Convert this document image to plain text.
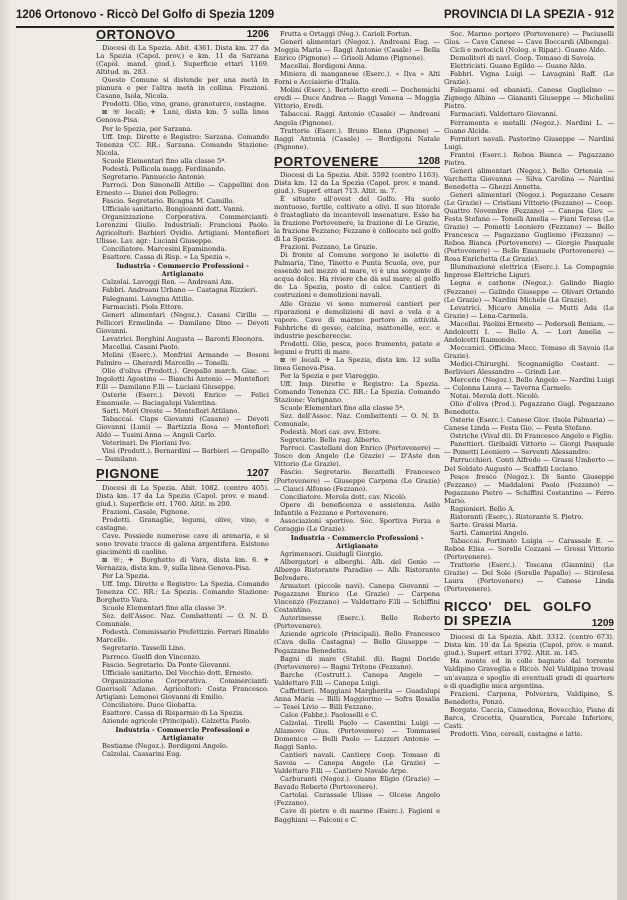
1206 Ortonovo - Riccò Del Golfo di Spezia 1209	PROVINCIA DI LA SPEZIA - 912
ORTONOVO	1206

Diocesi di La Spezia. Abit. 4361. Dista km. 27 da La Spezia (Capol. prov.) e km. 11 da Sarzana (Capol. mand. giud.). Superficie ettari 1169. Altitud. m. 283.

Questo Comune si distende per una metà in pianura e per l'altra metà in collina. Frazioni. Casano, Isola, Nicola.

Prodotti. Olio, vino, grano, granoturco, castagne.

⊠ ☏ locali; ✈ Luni, dista km. 5 sulla linea Genova-Pisa.

Per le Spezia, per Sarzana.

Uff. Imp. Dirette e Registro: Sarzana. Comando Tenenza CC. RR.: Sarzana. Comando Stazione: Nicola.

Scuole Elementari fino alla classe 5ª.

Podestà. Pellicola magg. Ferdinando.

Segretario. Pannuccio Antonio.

Parroci. Don Simonelli Attilio — Cappellini don Ernesto — Danei don Pellegro.

Fascio. Segretario. Bicagna M. Camillo.

Ufficiale sanitario. Bongioanni dott. Vanni.

Organizzazione Corporativa. Commercianti: Lorenzini Giulio. Industriali: Francioni Paolo. Agricoltori: Barbieri Ovidio. Artigiani: Montefiori Ulisse. Lav. agr.: Luciani Giuseppe.

Conciliatore. Marcesini Epaminonda.

Esattore. Cassa di Risp. « La Spezia ».

Industria - Commercio Professioni - Artigianato

Calzolai. Lavoggi Ren. — Andreani Am.

Fabbri. Andreani Urbano — Castagna Rizzieri.

Falegnami. Lavagna Attilio.

Farmacisti. Piola Ettore.

Generi alimentari (Negoz.). Casani Cirillo — Pellicori Ermelinda — Damilano Dino — Devoti Giovanni.

Levatrici. Borghini Augusta — Baronti Eleonora.

Macellai. Casani Paolo.

Molini (Eserc.). Monfrini Armando — Bosoni Palmiro — Gherardi Marcello — Tonelli.

Olio d'oliva (Prodott.). Gropallo march. Giac. — Ingolotti Agostino — Bianchi Antonio — Montefiori F.lli — Damilano F.lli — Luciani Giuseppe.

Osterie (Eserc.). Devoti Enrico — Felici Emanuele. — Baciagalupi Valentina.

Sarti. Mori Oreste — Montefiori Attilano.

Tabaccai. Claps Giovanni (Casano) — Devoti Giovanni (Luni) — Bartizzia Rosa — Montefiori Aldo — Tusini Anna — Angeli Carlo.

Veterinari. De Floriani Ivo.

Vini (Produtt.). Bernardini — Barbieri — Gropallo — Damilano.

PIGNONE	1207

Diocesi di La Spezia. Abit. 1082. (centro 405). Dista km. 17 da La Spezia (Capol. prov. e mand. giud.). Superficie ett. 1760. Altit. m 200.

Frazioni. Casale, Pignone.

Prodotti. Granaglie, legumi, olive, vino, e castagne.

Cave. Possiede numerose cave di arenaria, e si sono trovate tracce di galena argentifera. Esistono giacimenti di caolino.

⊠ ☏; ✈ Borghetto di Vara, dista km. 6. ✈ Vernazza, dista km. 9, sulla linea Genova-Pisa.

Per La Spezia.

Uff. Imp. Dirette e Registro: La Spezia. Comando Tenenza CC. RR.: La Spezia. Comando Stazione: Borghetto Vara.

Scuole Elementari fino alla classe 3ª.

Sez. dell'Assoc. Naz. Combattenti — O. N. D. Comunale.

Podestà. Commissario Prefettizio. Ferrari Rinaldo Marcello.

Segretario. Tasselli Lino.

Parroco. Guelfi don Vincenzo.

Fascio. Segretario. Da Ponte Giovanni.

Ufficiale sanitario. Del Vecchio dott. Ernesto.

Organizzazione Corporativa. Commercianti: Guerisoli Adamo. Agricoltori: Costa Francesco. Artigiani: Lemonei Giovanni di Emilio.

Conciliatore. Duce Giobatta.

Esattore. Cassa di Risparmio di La Spezia.

Aziende agricole (Principali). Calzetta Paolo.

Industria - Commercio Professioni e Artigianato

Bestiame (Negoz.). Bordigoni Angelo.

Calzolai. Cassarini Eug.

Frutta e Ortaggi (Neg.). Carioli Fortun.

Generi alimentari (Negoz.). Andreani Eug. — Moggia Maria — Raggi Antonio (Casale) — Bella Enrico (Pignone) — Grisoli Adamo (Pignone).

Macellai. Bordigoni Anna.

Miniera di manganese (Eserc.). « Ilva » Alti Forni e Acciaierie d'Italia.

Molini (Eserc.). Bertolotto eredi — Dochemichi eredi — Duce Andrea — Raggi Venena — Moggia Vittorio, Eredi.

Tabaccai. Raggi Antonio (Casale) — Andreani Angela (Pignone).

Trattorie (Eserc.). Bruno Elena (Pignone) — Raggi Antonia (Casale) — Bordigoni Natale (Pignone).

PORTOVENERE	1208

Diocesi di La Spezia. Abit. 5592 (centro 1163). Dista km. 12 da La Spezia (Capol. prov. e mand. giud.). Superf. ettari 713. Altit. m. 7.

È situato all'ovest del Golfo. Ha suolo montuoso, fertile, coltivato a olivi. Il suo litorale è frastagliato da incantevoli insenature. Esso ha la frazione Portovenere, la frazione di Le Grazie, la frazione Fezzano; Fezzano è collocato nel golfo di La Spezia.

Frazioni. Fezzano, Le Grazie.

Di fronte al Comune sorgono le isolette di Palmaria, Tino, Tinetto e Punta Scuola, ove, pur essendo nel mezzo al mare, vi è una sorgente di acqua dolce. Ha riviere che dà sul mare; al golfo de La Spezia, posto di calce. Cantieri di costruzioni e demolizioni navali.

Alle Grazie vi sono numerosi cantieri per riparazioni e demolizioni di navi a vela e a vapore. Cave di marmo portoro in attività. Fabbriche di gesso, calcina, mattonelle, ecc. e industrie peschereccie.

Prodotti. Olio, pesca, poco frumento, patate e legumi e frutti di mare.

⊠ ☏ locali. ✈ La Spezia, dista km. 12 sulla linea Genova-Pisa.

Per la Spezia e per Viareggio.

Uff. Imp. Dirette e Registro: La Spezia. Comando Tenenza CC. RR.: La Spezia. Comando Stazione: Varignano.

Scuole Elementari fino alla classe 5ª.

Sez. dell'Assoc. Naz. Combattenti — O. N. D. Comunale.

Podestà. Mori cav. avv. Ettore.

Segretario. Bello rag. Alberto.

Parroci. Castellani don Enrico (Portovenere) — Tosco don Angelo (Le Grazie) — D'Aste don Vittorio (Le Grazie).

Fascio. Segretario. Becattelli Francesco (Portovenere) — Giuseppe Carpena (Le Grazie) — Ciauci Alfonso (Fezzano).

Conciliatore. Merola dott. cav. Nicolò.

Opere di beneficenza e assistenza. Asilo Infantile a Fezzano e Portovenere.

Associazioni sportive. Soc. Sportiva Forza e Coraggio (Le Grazie).

Industria - Commercio Professioni - Artigianato

Agrimensori. Guidugli Giorgio.

Albergatori e alberghi. Alb. del Genio — Albergo Ristorante Paradiso — Alb. Ristorante Belvedere.

Armatori (piccole navi). Canepa Giovanni — Pegazzano Enrico (Le Grazie) — Carpena Vincenzo (Fezzano) — Valdettaro F.lli — Schiffini Costantino.

Autorimesse (Eserc.). Bello Roberto (Portovenere).

Aziende agricole (Principali). Bello Francesco (Cava della Castagna) — Bello Giuseppe — Pegazzano Benedetto.

Bagni di mare (Stabil. di). Bagni Doride (Portovenere) — Bagni Tritone (Fezzano).

Barche (Costrutt.). Canepa Angelo — Valdettaro F.lli — Canepa Luigi.

Caffettieri. Maggiani Margherita — Guadalupi Anna Maria — Billi Maggiorino — Sofra Rosalia — Tesei Livio — Billi Fezzano.

Calce (Fabbr.). Paoloselli e C.

Calzolai. Tirelli Paolo — Casentini Luigi — Allamovo Gius. (Portovenere) — Tommaseí Domenico — Belli Paolo — Lazzeri Antonio — Raggi Santo.

Cantieri navali. Cantiere Coop. Tomaso di Savoia — Canepa Angelo (Le Grazie) — Valdettaro F.lli — Cantiere Navale Arpe.

Carburanti (Negoz.). Guano Eligio (Grazie) — Bavado Roberto (Portovenere).

Cartolai. Carassale Ulisse — Olcese Angelo (Fezzano).

Cave di pietre e di marmo (Eserc.). Fagioni e Bagghiani — Falconi e C.

Soc. Marmo portoro (Portovenere) — Paciuselli Gius. — Cave Canese — Cave Boccardi (Albenga).

Cicli e motocicli (Noleg. e Ripar.). Guano Aldo.

Demolitori di navi. Coop. Tomaso di Savoia.

Elettricisti. Guano Egildo — Guano Aldo.

Fabbri. Vigna Luigi — Lavagnini Raff. (Le Grazie).

Falegnami ed ebanisti. Canese Guglielmo — Zignego Albino — Giananti Giuseppe — Michelini Pietro.

Farmacisti. Valdettaro Giovanni.

Ferramenta e metalli (Negoz.). Nardini L. — Guano Alcide.

Fornitori navali. Pastorino Giuseppe — Nardini Luigi.

Frantoi (Eserc.). Reboa Bianca — Pagazzano Pietro.

Generi alimentari (Negoz.). Bello Ortensia — Varchetta Giovanna — Silva Carolina — Nardini Benedetta — Ghezzi Annetta.

Generi alimentari (Negoz.). Pegazzano Cesare (Le Grazie) — Cristiani Vittorio (Fezzano) — Coop. Quattro Novembre (Fezzano) — Canepa Giov. — Festa Stefano — Tonelli Amelia — Fiani Teresa (Le Grazie) — Pometti Leoniero (Fezzano) — Bello Francesca — Pagazzano Gugliemo (Fezzano) — Reboa Bianca (Portovenere) — Giorgio Pasquale (Portovenere) — Bello Emanuele (Portovenere) — Rosa Enrichetta (Le Grazie).

Illuminazione elettrica (Eserc.). La Compagnie Imprese Elettriche Liguri.

Legna e carbone (Negoz.). Galindo Biagio (Fezzano) — Galindo Giuseppe — Olivari Orlando (Le Grazie) — Nardini Michele (Le Grazie).

Levatrici. Micaro Amelia — Mutti Ada (Le Grazie) — Lena-Carmela.

Macellai. Paolini Ernesto — Pedersoli Beniam. — Andolcetti I. — Bello A. — Lori Amelia — Andolcetti Raimondo.

Meccanici. Officina Mecc. Tomaso di Savoia (Le Grazie).

Medici-Chirurghi. Scognamiglio Costant. — Berlivieri Alessandro — Grindi Lor.

Mercerie (Negoz.). Bello Angelo — Nardini Luigi — Colonna Laura — Taverna Carmelo.

Notai. Merola dott. Nicolò.

Olio d'oliva (Prod.). Pegazzano Gugl. Pegazzano Benedetto.

Osterie (Eserc.). Canese Giov. (Isola Palmaria) — Canese Linda — Festa Gio. — Festa Stefano.

Ostriche (Vival di). Di Francesco Angelo e Figlio.

Panettieri. Giribaldi Vittorio — Giorgi Pasquale — Pometti Leoniero — Serventi Alessandro.

Parrucchieri. Conti Alfredo — Grassi Umberto — Del Soldato Augusto — Scaffidi Luciano.

Pesce fresco (Negoz.). Di Santo Giuseppe (Fezzano) — Maddaloni Paolo (Fezzano) — Pegazzano Pietro — Schiffini Costantino — Ferro Mario.

Ragionieri. Bello A.

Ristoranti (Eserc.). Ristorante S. Pietro.

Sarte. Grassi Maria.

Sarti. Camerini Angelo.

Tabaccai. Portinato Luigia — Carassale E. — Reboa Elisa — Sorelle Cozzani — Grossi Vittorio (Portovenere).

Trattorie (Eserc.). Toscana (Giannini) (Le Grazie) — Del Sole (Sorelle Papallo) — Stirolesa Laura (Portovenere) — Canese Linda (Portovenere).

RICCO' DEL GOLFO DI SPEZIA	1209

Diocesi di La Spezia. Abit. 3312. (centro 673). Dista km. 10 da La Spezia (Capol. prov. e mand. giud.). Superf. ettari 3792. Altit. m. 145.

Ha monte ed in colle bagnato dal torrente Valdipino Graveglia e Riccò. Nel Valdipino trovasi un'avanza e spoglie di eventuali gradi di quartere e di quadiglie mica argentina.

Frazioni. Carpena, Polverara, Valdipino, S. Benedetto, Ponzò.

Borgate. Caccia, Camedona, Bovecchio, Piano di Barca, Crocetta, Quaratica, Porcale Inferiore, Casti.

Prodotti. Vino, cereali, castagne e latte.
